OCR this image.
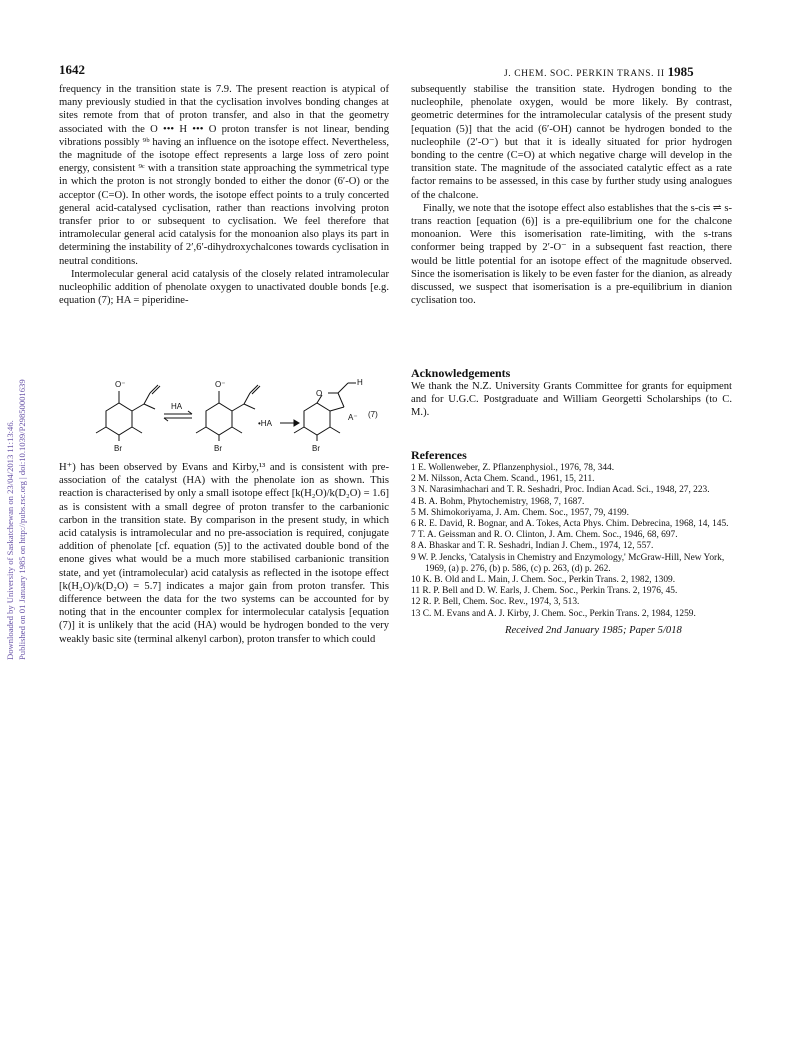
Downloaded by University of Saskatchewan on 23/04/2013 11:13:46. Published on 01 January 1985 on http://pubs.rsc.org | doi:10.1039/P29850001639
1642	J. CHEM. SOC. PERKIN TRANS. II 1985

frequency in the transition state is 7.9. The present reaction is atypical of many previously studied in that the cyclisation involves bonding changes at sites remote from that of proton transfer, and also in that the geometry associated with the O ••• H ••• O proton transfer is not linear, bending vibrations possibly ⁹ᵇ having an influence on the isotope effect. Nevertheless, the magnitude of the isotope effect represents a large loss of zero point energy, consistent ⁹ᶜ with a transition state approaching the symmetrical type in which the proton is not strongly bonded to either the donor (6′-O) or the acceptor (C=O). In other words, the isotope effect points to a truly concerted general acid-catalysed cyclisation, rather than reactions involving proton transfer prior to or subsequent to cyclisation. We feel therefore that intramolecular general acid catalysis for the monoanion also plays its part in determining the instability of 2′,6′-dihydroxychalcones towards cyclisation in neutral conditions.

Intermolecular general acid catalysis of the closely related intramolecular nucleophilic addition of phenolate oxygen to unactivated double bonds [e.g. equation (7); HA = piperidine-

O⁻
Br
HA
O⁻
Br
•HA
O
H
A⁻
Br
(7)

H⁺) has been observed by Evans and Kirby,¹³ and is consistent with pre-association of the catalyst (HA) with the phenolate ion as shown. This reaction is characterised by only a small isotope effect [k(H₂O)/k(D₂O) = 1.6] as is consistent with a small degree of proton transfer to the carbanionic carbon in the transition state. By comparison in the present study, in which acid catalysis is intramolecular and no pre-association is required, conjugate addition of phenolate [cf. equation (5)] to the activated double bond of the enone gives what would be a much more stabilised carbanionic transition state, and yet (intramolecular) acid catalysis as reflected in the isotope effect [k(H₂O)/k(D₂O) = 5.7] indicates a major gain from proton transfer. This difference between the data for the two systems can be accounted for by noting that in the encounter complex for intermolecular catalysis [equation (7)] it is unlikely that the acid (HA) would be hydrogen bonded to the very weakly basic site (terminal alkenyl carbon), proton transfer to which could

subsequently stabilise the transition state. Hydrogen bonding to the nucleophile, phenolate oxygen, would be more likely. By contrast, geometric determines for the intramolecular catalysis of the present study [equation (5)] that the acid (6′-OH) cannot be hydrogen bonded to the nucleophile (2′-O⁻) but that it is ideally situated for prior hydrogen bonding to the centre (C=O) at which negative charge will develop in the transition state. The magnitude of the associated catalytic effect as a rate factor remains to be assessed, in this case by further study using analogues of the chalcone.

Finally, we note that the isotope effect also establishes that the s-cis ⇌ s-trans reaction [equation (6)] is a pre-equilibrium one for the chalcone monoanion. Were this isomerisation rate-limiting, with the s-trans conformer being trapped by 2′-O⁻ in a subsequent fast reaction, there would be little potential for an isotope effect of the magnitude observed. Since the isomerisation is likely to be even faster for the dianion, as already discussed, we suspect that isomerisation is a pre-equilibrium in dianion cyclisation too.

Acknowledgements
We thank the N.Z. University Grants Committee for grants for equipment and for U.G.C. Postgraduate and William Georgetti Scholarships (to C. M.).
References
1 E. Wollenweber, Z. Pflanzenphysiol., 1976, 78, 344.
2 M. Nilsson, Acta Chem. Scand., 1961, 15, 211.
3 N. Narasimhachari and T. R. Seshadri, Proc. Indian Acad. Sci., 1948, 27, 223.
4 B. A. Bohm, Phytochemistry, 1968, 7, 1687.
5 M. Shimokoriyama, J. Am. Chem. Soc., 1957, 79, 4199.
6 R. E. David, R. Bognar, and A. Tokes, Acta Phys. Chim. Debrecina, 1968, 14, 145.
7 T. A. Geissman and R. O. Clinton, J. Am. Chem. Soc., 1946, 68, 697.
8 A. Bhaskar and T. R. Seshadri, Indian J. Chem., 1974, 12, 557.
9 W. P. Jencks, 'Catalysis in Chemistry and Enzymology,' McGraw-Hill, New York, 1969, (a) p. 276, (b) p. 586, (c) p. 263, (d) p. 262.
10 K. B. Old and L. Main, J. Chem. Soc., Perkin Trans. 2, 1982, 1309.
11 R. P. Bell and D. W. Earls, J. Chem. Soc., Perkin Trans. 2, 1976, 45.
12 R. P. Bell, Chem. Soc. Rev., 1974, 3, 513.
13 C. M. Evans and A. J. Kirby, J. Chem. Soc., Perkin Trans. 2, 1984, 1259.
Received 2nd January 1985; Paper 5/018
